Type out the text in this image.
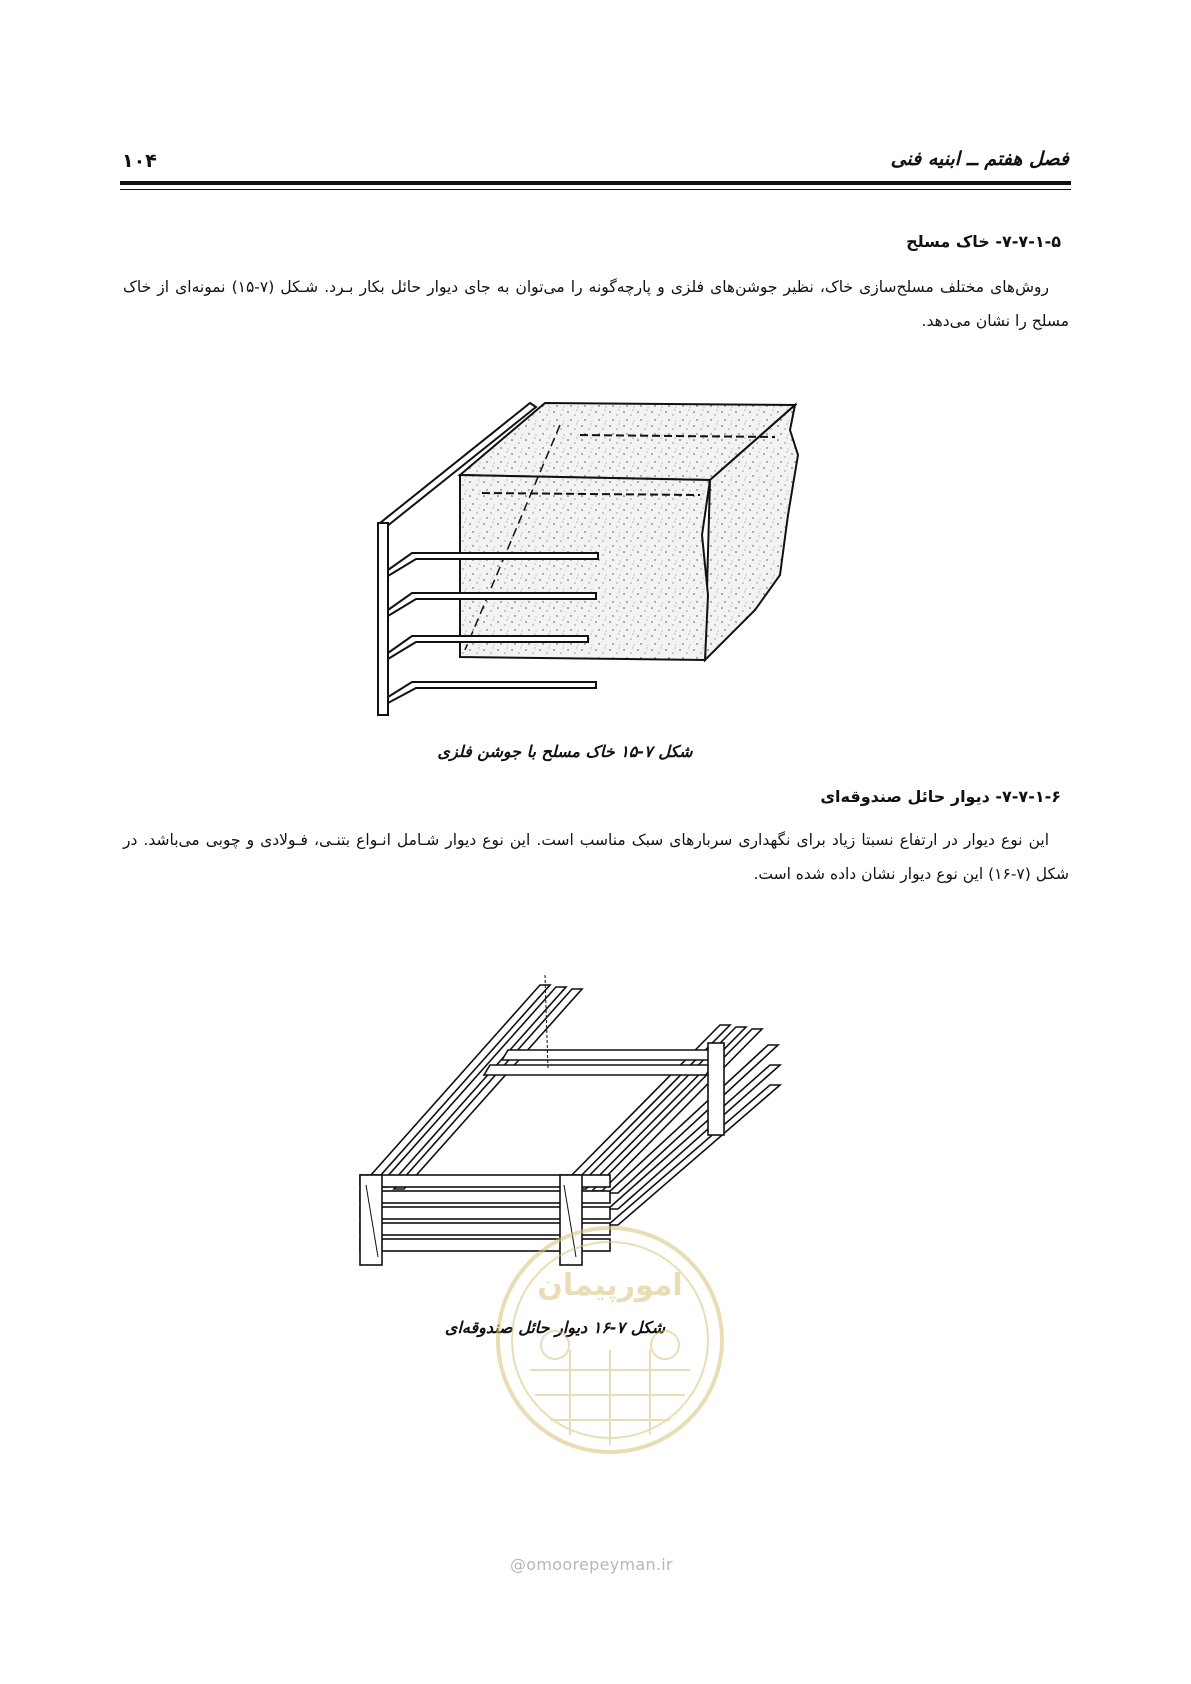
فصل هفتم ــ ابنیه فنی
۱۰۴
۷-۷-۱-۵- خاک مسلح
روش‌های مختلف مسلح‌سازی خاک، نظیر جوشن‌های فلزی و پارچه‌گونه را می‌توان به جای دیوار حائل بکار بـرد. شـکل (۷-۱۵) نمونه‌ای از خاک مسلح را نشان می‌دهد.
شکل ۷-۱۵ خاک مسلح با جوشن فلزی
۷-۷-۱-۶- دیوار حائل صندوقه‌ای
این نوع دیوار در ارتفاع نسبتا زیاد برای نگهداری سربارهای سبک مناسب است. این نوع دیوار شـامل انـواع بتنـی، فـولادی و چوبی می‌باشد. در شکل (۷-۱۶) این نوع دیوار نشان داده شده است.
شکل ۷-۱۶ دیوار حائل صندوقه‌ای
امورپیمان
@omoorepeyman.ir
